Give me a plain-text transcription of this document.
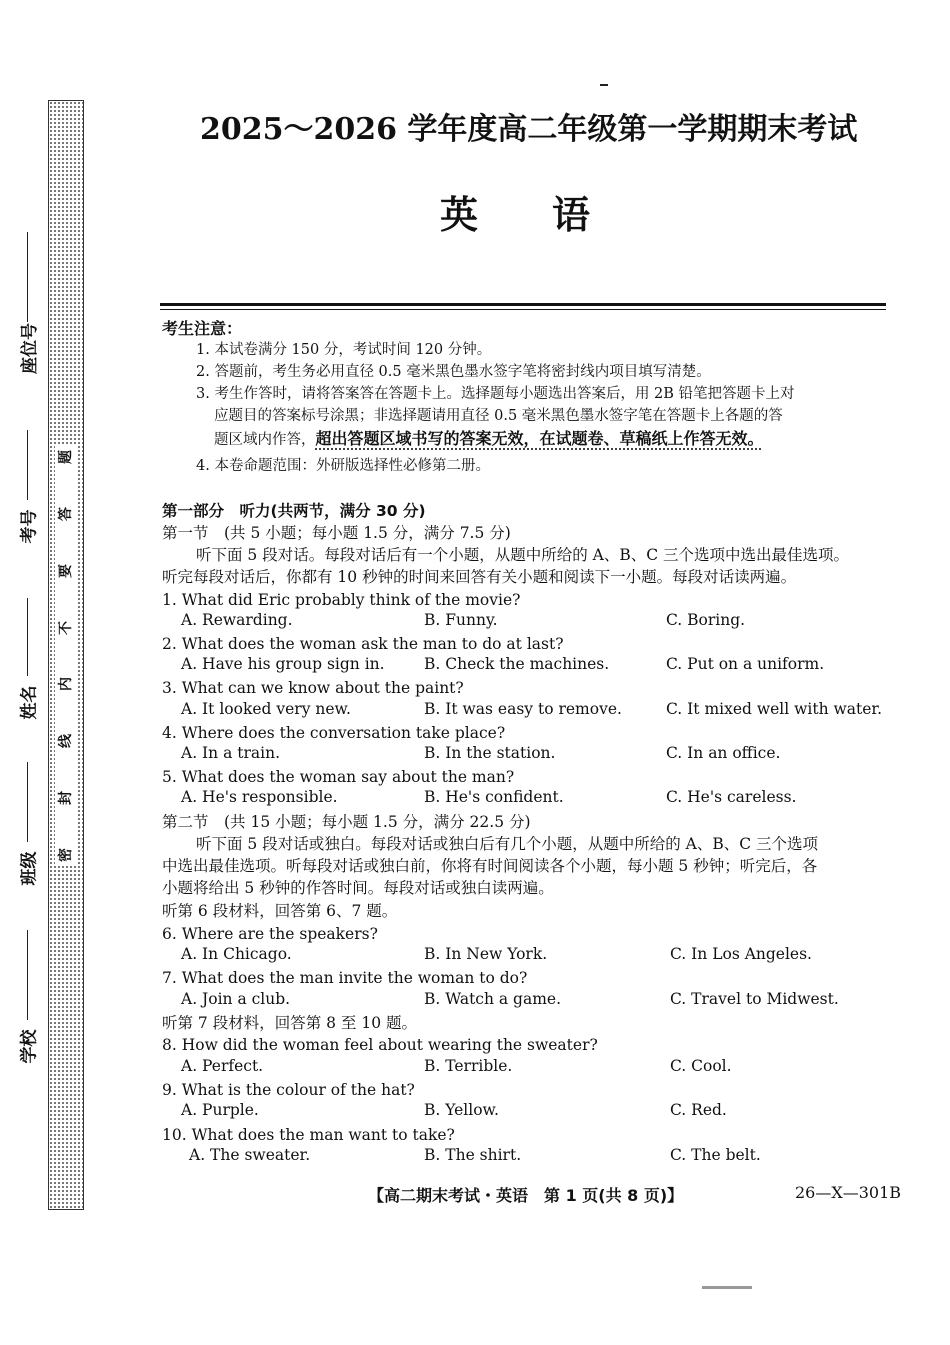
题
答
要
不
内
线
封
密
座位号
考号
姓名
班级
学校
2025～2026 学年度高二年级第一学期期末考试
英语
考生注意：
1. 本试卷满分 150 分，考试时间 120 分钟。
2. 答题前，考生务必用直径 0.5 毫米黑色墨水签字笔将密封线内项目填写清楚。
3. 考生作答时，请将答案答在答题卡上。选择题每小题选出答案后，用 2B 铅笔把答题卡上对
应题目的答案标号涂黑；非选择题请用直径 0.5 毫米黑色墨水签字笔在答题卡上各题的答
题区域内作答，超出答题区域书写的答案无效，在试题卷、草稿纸上作答无效。
4. 本卷命题范围：外研版选择性必修第二册。
第一部分　听力(共两节，满分 30 分)
第一节　(共 5 小题；每小题 1.5 分，满分 7.5 分)
听下面 5 段对话。每段对话后有一个小题，从题中所给的 A、B、C 三个选项中选出最佳选项。
听完每段对话后，你都有 10 秒钟的时间来回答有关小题和阅读下一小题。每段对话读两遍。
1. What did Eric probably think of the movie?
A. Rewarding.	B. Funny.	C. Boring.
2. What does the woman ask the man to do at last?
A. Have his group sign in.	B. Check the machines.	C. Put on a uniform.
3. What can we know about the paint?
A. It looked very new.	B. It was easy to remove.	C. It mixed well with water.
4. Where does the conversation take place?
A. In a train.	B. In the station.	C. In an office.
5. What does the woman say about the man?
A. He's responsible.	B. He's confident.	C. He's careless.
第二节　(共 15 小题；每小题 1.5 分，满分 22.5 分)
听下面 5 段对话或独白。每段对话或独白后有几个小题，从题中所给的 A、B、C 三个选项
中选出最佳选项。听每段对话或独白前，你将有时间阅读各个小题，每小题 5 秒钟；听完后，各
小题将给出 5 秒钟的作答时间。每段对话或独白读两遍。
听第 6 段材料，回答第 6、7 题。
6. Where are the speakers?
A. In Chicago.	B. In New York.	C. In Los Angeles.
7. What does the man invite the woman to do?
A. Join a club.	B. Watch a game.	C. Travel to Midwest.
听第 7 段材料，回答第 8 至 10 题。
8. How did the woman feel about wearing the sweater?
A. Perfect.	B. Terrible.	C. Cool.
9. What is the colour of the hat?
A. Purple.	B. Yellow.	C. Red.
10. What does the man want to take?
A. The sweater.	B. The shirt.	C. The belt.
【高二期末考试・英语　第 1 页(共 8 页)】	26—X—301B
